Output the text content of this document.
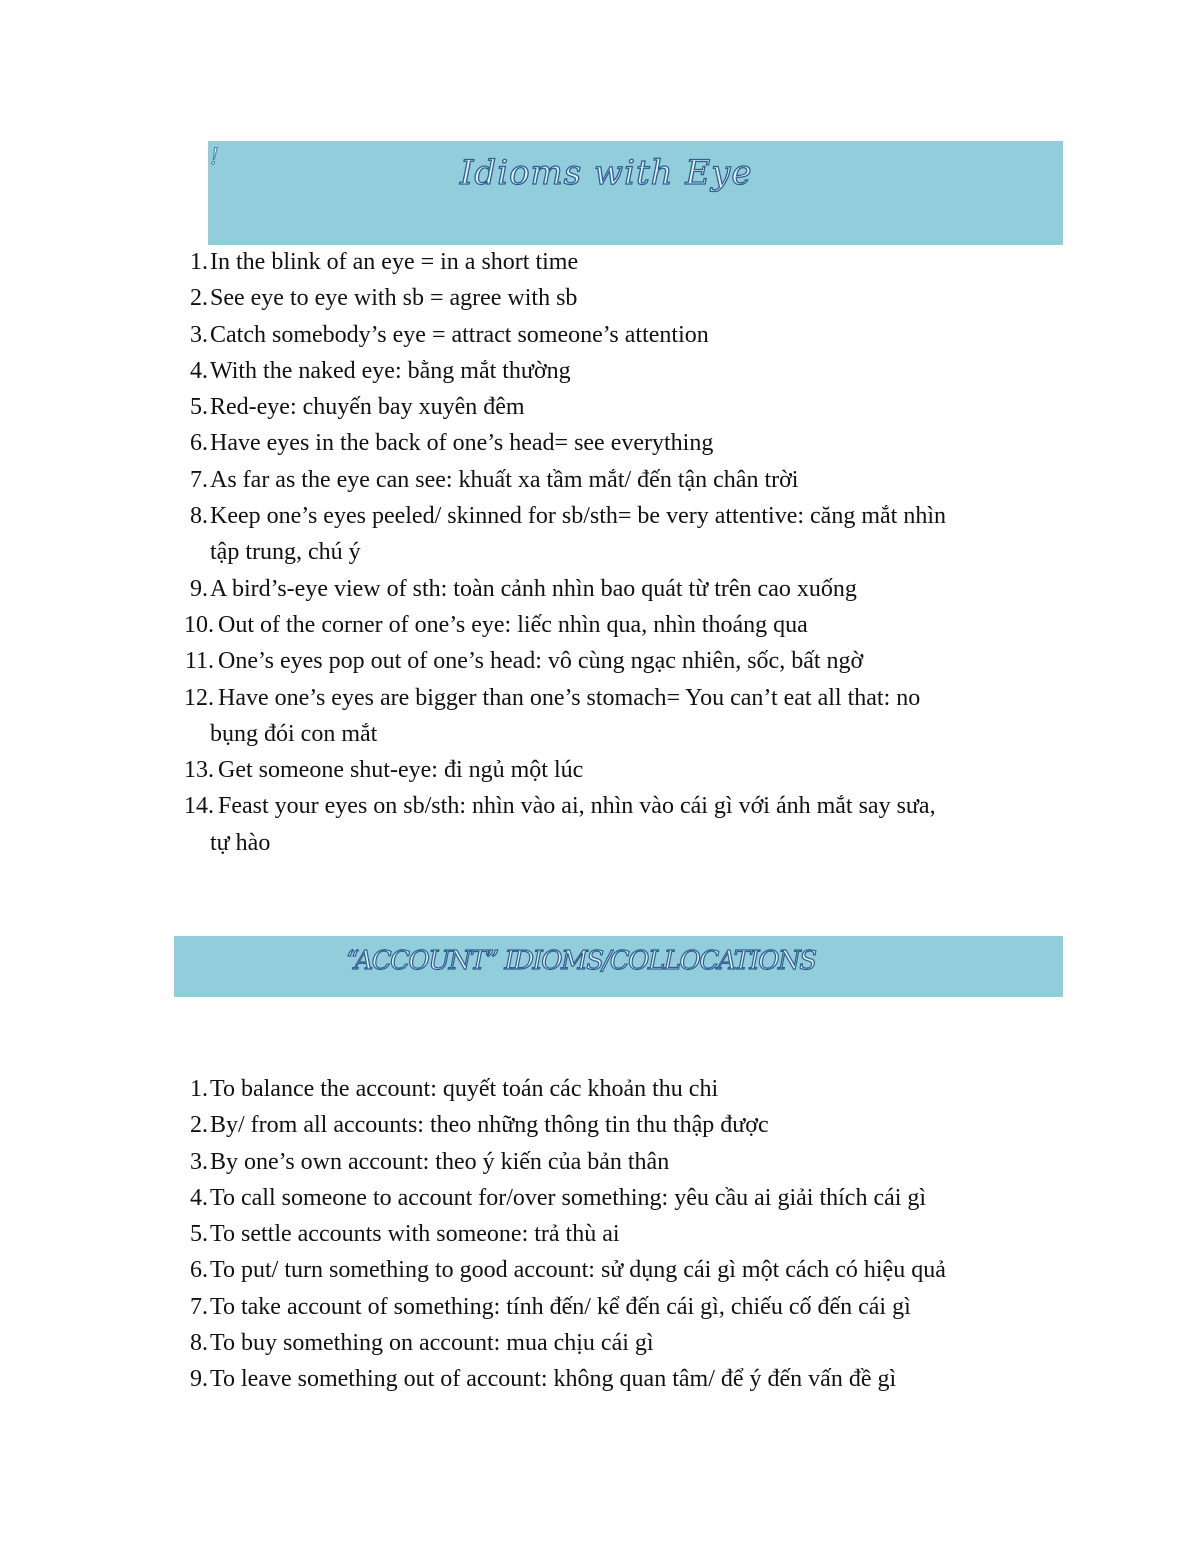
!	Idioms with Eye
1. In the blink of an eye = in a short time
2. See eye to eye with sb = agree with sb
3. Catch somebody’s eye = attract someone’s attention
4. With the naked eye: bằng mắt thường
5. Red-eye: chuyến bay xuyên đêm
6. Have eyes in the back of one’s head= see everything
7. As far as the eye can see: khuất xa tầm mắt/ đến tận chân trời
8. Keep one’s eyes peeled/ skinned for sb/sth= be very attentive: căng mắt nhìn
tập trung, chú ý
9. A bird’s-eye view of sth: toàn cảnh nhìn bao quát từ trên cao xuống
10. Out of the corner of one’s eye: liếc nhìn qua, nhìn thoáng qua
11. One’s eyes pop out of one’s head: vô cùng ngạc nhiên, sốc, bất ngờ
12. Have one’s eyes are bigger than one’s stomach= You can’t eat all that: no
bụng đói con mắt
13. Get someone shut-eye: đi ngủ một lúc
14. Feast your eyes on sb/sth: nhìn vào ai, nhìn vào cái gì với ánh mắt say sưa,
tự hào
“ACCOUNT” IDIOMS/COLLOCATIONS
1. To balance the account: quyết toán các khoản thu chi
2. By/ from all accounts: theo những thông tin thu thập được
3. By one’s own account: theo ý kiến của bản thân
4. To call someone to account for/over something: yêu cầu ai giải thích cái gì
5. To settle accounts with someone: trả thù ai
6. To put/ turn something to good account: sử dụng cái gì một cách có hiệu quả
7. To take account of something: tính đến/ kể đến cái gì, chiếu cố đến cái gì
8. To buy something on account: mua chịu cái gì
9. To leave something out of account: không quan tâm/ để ý đến vấn đề gì
